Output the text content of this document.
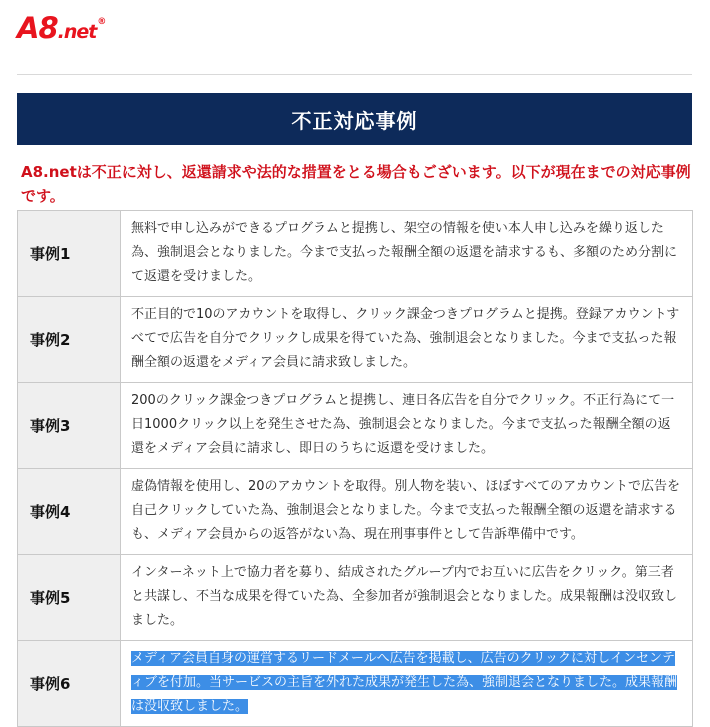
A8 .net ®
不正対応事例
A8.netは不正に対し、返還請求や法的な措置をとる場合もございます。以下が現在までの対応事例です。
事例1	無料で申し込みができるプログラムと提携し、架空の情報を使い本人申し込みを繰り返した為、強制退会となりました。今まで支払った報酬全額の返還を請求するも、多額のため分割にて返還を受けました。
事例2	不正目的で10のアカウントを取得し、クリック課金つきプログラムと提携。登録アカウントすべてで広告を自分でクリックし成果を得ていた為、強制退会となりました。今まで支払った報酬全額の返還をメディア会員に請求致しました。
事例3	200のクリック課金つきプログラムと提携し、連日各広告を自分でクリック。不正行為にて一日1000クリック以上を発生させた為、強制退会となりました。今まで支払った報酬全額の返還をメディア会員に請求し、即日のうちに返還を受けました。
事例4	虚偽情報を使用し、20のアカウントを取得。別人物を装い、ほぼすべてのアカウントで広告を自己クリックしていた為、強制退会となりました。今まで支払った報酬全額の返還を請求するも、メディア会員からの返答がない為、現在刑事事件として告訴準備中です。
事例5	インターネット上で協力者を募り、結成されたグループ内でお互いに広告をクリック。第三者と共謀し、不当な成果を得ていた為、全参加者が強制退会となりました。成果報酬は没収致しました。
事例6	メディア会員自身の運営するリードメールへ広告を掲載し、広告のクリックに対しインセンティブを付加。当サービスの主旨を外れた成果が発生した為、強制退会となりました。成果報酬は没収致しました。
